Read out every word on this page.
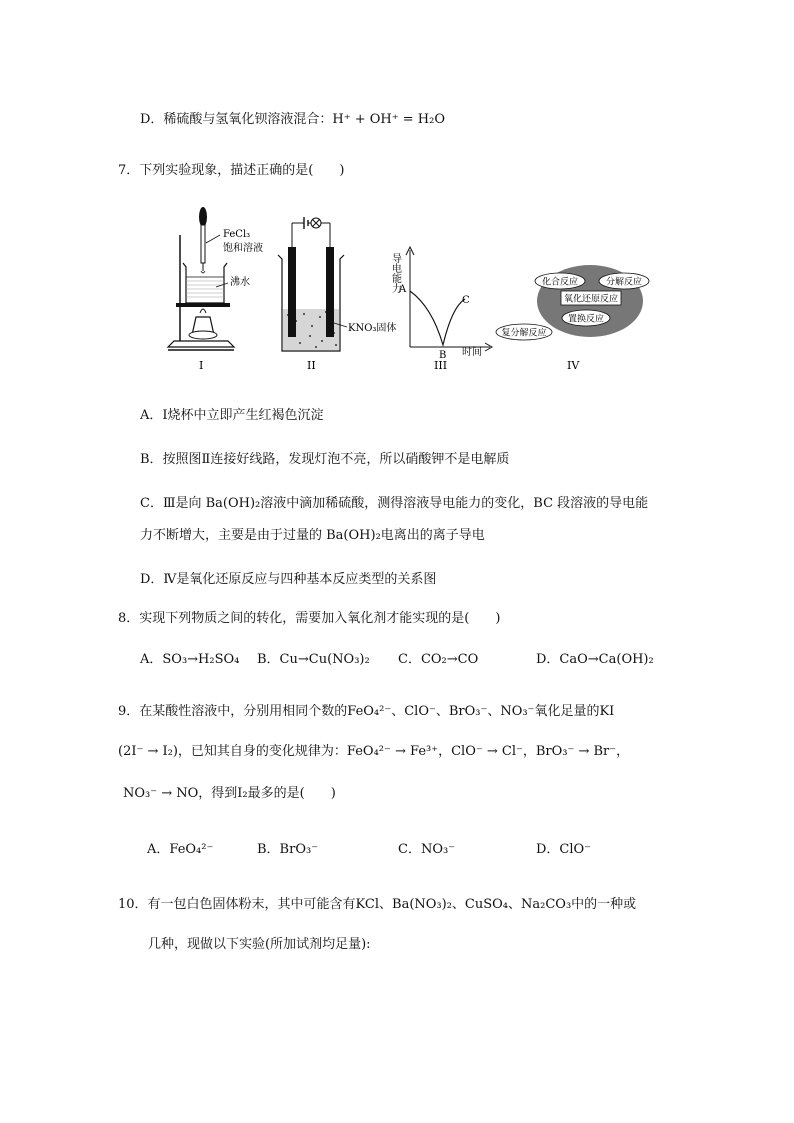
D．稀硫酸与氢氧化钡溶液混合：H⁺ + OH⁺ = H₂O
7．下列实验现象，描述正确的是(　　)
FeCl₃
饱和溶液
沸水
I
KNO₃固体
II
导电能力
时间
A
B
C
III
化合反应	分解反应
氧化还原反应
置换反应
复分解反应
IV
A．Ⅰ烧杯中立即产生红褐色沉淀
B．按照图Ⅱ连接好线路，发现灯泡不亮，所以硝酸钾不是电解质
C．Ⅲ是向 Ba(OH)₂溶液中滴加稀硫酸，测得溶液导电能力的变化，BC 段溶液的导电能
力不断增大，主要是由于过量的 Ba(OH)₂电离出的离子导电
D．Ⅳ是氧化还原反应与四种基本反应类型的关系图
8．实现下列物质之间的转化，需要加入氧化剂才能实现的是(　　)
A．SO₃→H₂SO₄ B．Cu→Cu(NO₃)₂ C．CO₂→CO	D．CaO→Ca(OH)₂
9．在某酸性溶液中，分别用相同个数的FeO₄²⁻、ClO⁻、BrO₃⁻、NO₃⁻氧化足量的KI
(2I⁻ → I₂)，已知其自身的变化规律为：FeO₄²⁻ → Fe³⁺，ClO⁻ → Cl⁻，BrO₃⁻ → Br⁻，
NO₃⁻ → NO，得到I₂最多的是(　　)
A．FeO₄²⁻	B．BrO₃⁻	C．NO₃⁻	D．ClO⁻
10．有一包白色固体粉末，其中可能含有KCl、Ba(NO₃)₂、CuSO₄、Na₂CO₃中的一种或
几种，现做以下实验(所加试剂均足量):
